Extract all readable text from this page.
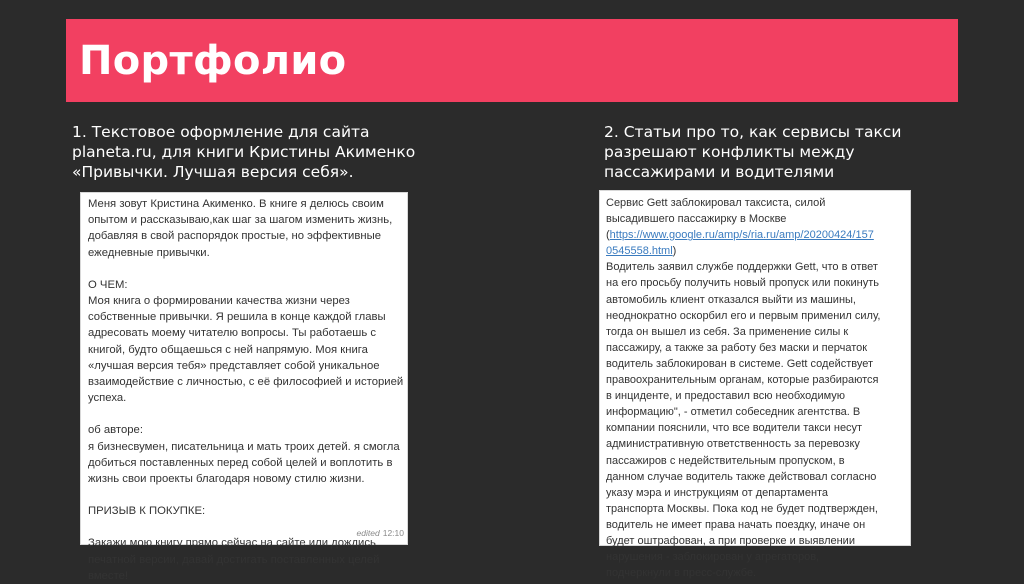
Портфолио
1. Текстовое оформление для сайта
planeta.ru, для книги Кристины Акименко
«Привычки. Лучшая версия себя».
2. Статьи про то, как сервисы такси
разрешают конфликты между
пассажирами и водителями
Меня зовут Кристина Акименко. В книге я делюсь своим
опытом и рассказываю,как шаг за шагом изменить жизнь,
добавляя в свой распорядок простые, но эффективные
ежедневные привычки.
О ЧЕМ:
Моя книга о формировании качества жизни через
собственные привычки. Я решила в конце каждой главы
адресовать моему читателю вопросы. Ты работаешь с
книгой, будто общаешься с ней напрямую. Моя книга
«лучшая версия тебя» представляет собой уникальное
взаимодействие с личностью, с её философией и историей
успеха.
об авторе:
я бизнесвумен, писательница и мать троих детей. я смогла
добиться поставленных перед собой целей и воплотить в
жизнь свои проекты благодаря новому стилю жизни.
ПРИЗЫВ К ПОКУПКЕ:
Закажи мою книгу прямо сейчас на сайте или дождись
печатной версии, давай достигать поставленных целей
вместе!
edited 12:10
Сервис Gett заблокировал таксиста, силой
высадившего пассажирку в Москве
(https://www.google.ru/amp/s/ria.ru/amp/20200424/157
0545558.html)
Водитель заявил службе поддержки Gett, что в ответ
на его просьбу получить новый пропуск или покинуть
автомобиль клиент отказался выйти из машины,
неоднократно оскорбил его и первым применил силу,
тогда он вышел из себя. За применение силы к
пассажиру, а также за работу без маски и перчаток
водитель заблокирован в системе. Gett содействует
правоохранительным органам, которые разбираются
в инциденте, и предоставил всю необходимую
информацию", - отметил собеседник агентства. В
компании пояснили, что все водители такси несут
административную ответственность за перевозку
пассажиров с недействительным пропуском, в
данном случае водитель также действовал согласно
указу мэра и инструкциям от департамента
транспорта Москвы. Пока код не будет подтвержден,
водитель не имеет права начать поездку, иначе он
будет оштрафован, а при проверке и выявлении
нарушения - заблокирован у агрегаторов,
подчеркнули в пресс-службе.
